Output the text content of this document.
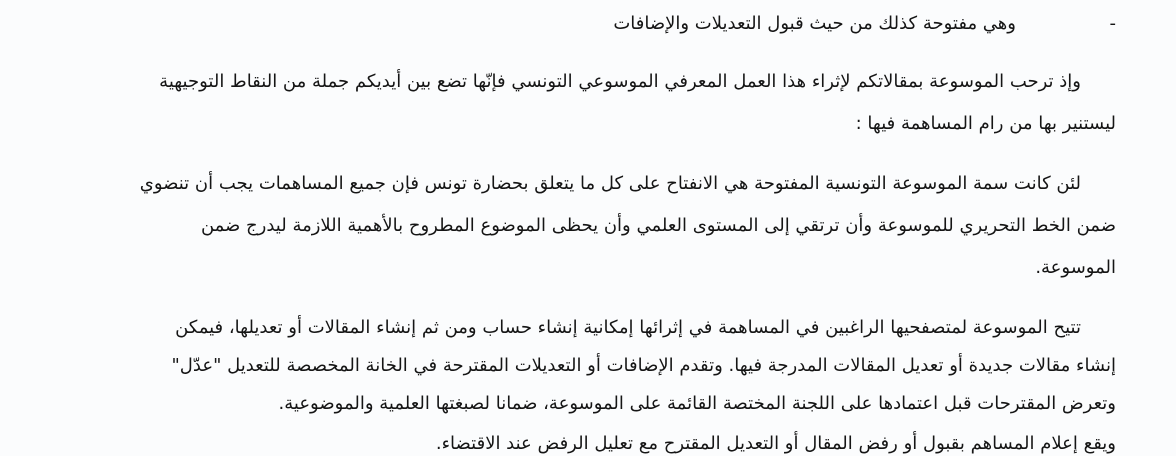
-
وهي مفتوحة كذلك من حيث قبول التعديلات والإضافات
وإذ ترحب الموسوعة بمقالاتكم لإثراء هذا العمل المعرفي الموسوعي التونسي فإنّها تضع بين أيديكم جملة من النقاط التوجيهية
ليستنير بها من رام المساهمة فيها :
لئن كانت سمة الموسوعة التونسية المفتوحة هي الانفتاح على كل ما يتعلق بحضارة تونس فإن جميع المساهمات يجب أن تنضوي
ضمن الخط التحريري للموسوعة وأن ترتقي إلى المستوى العلمي وأن يحظى الموضوع المطروح بالأهمية اللازمة ليدرج ضمن
الموسوعة.
تتيح الموسوعة لمتصفحيها الراغبين في المساهمة في إثرائها إمكانية إنشاء حساب ومن ثم إنشاء المقالات أو تعديلها، فيمكن
إنشاء مقالات جديدة أو تعديل المقالات المدرجة فيها. وتقدم الإضافات أو التعديلات المقترحة في الخانة المخصصة للتعديل "عدّل"
وتعرض المقترحات قبل اعتمادها على اللجنة المختصة القائمة على الموسوعة، ضمانا لصبغتها العلمية والموضوعية.
ويقع إعلام المساهم بقبول أو رفض المقال أو التعديل المقترح مع تعليل الرفض عند الاقتضاء.
